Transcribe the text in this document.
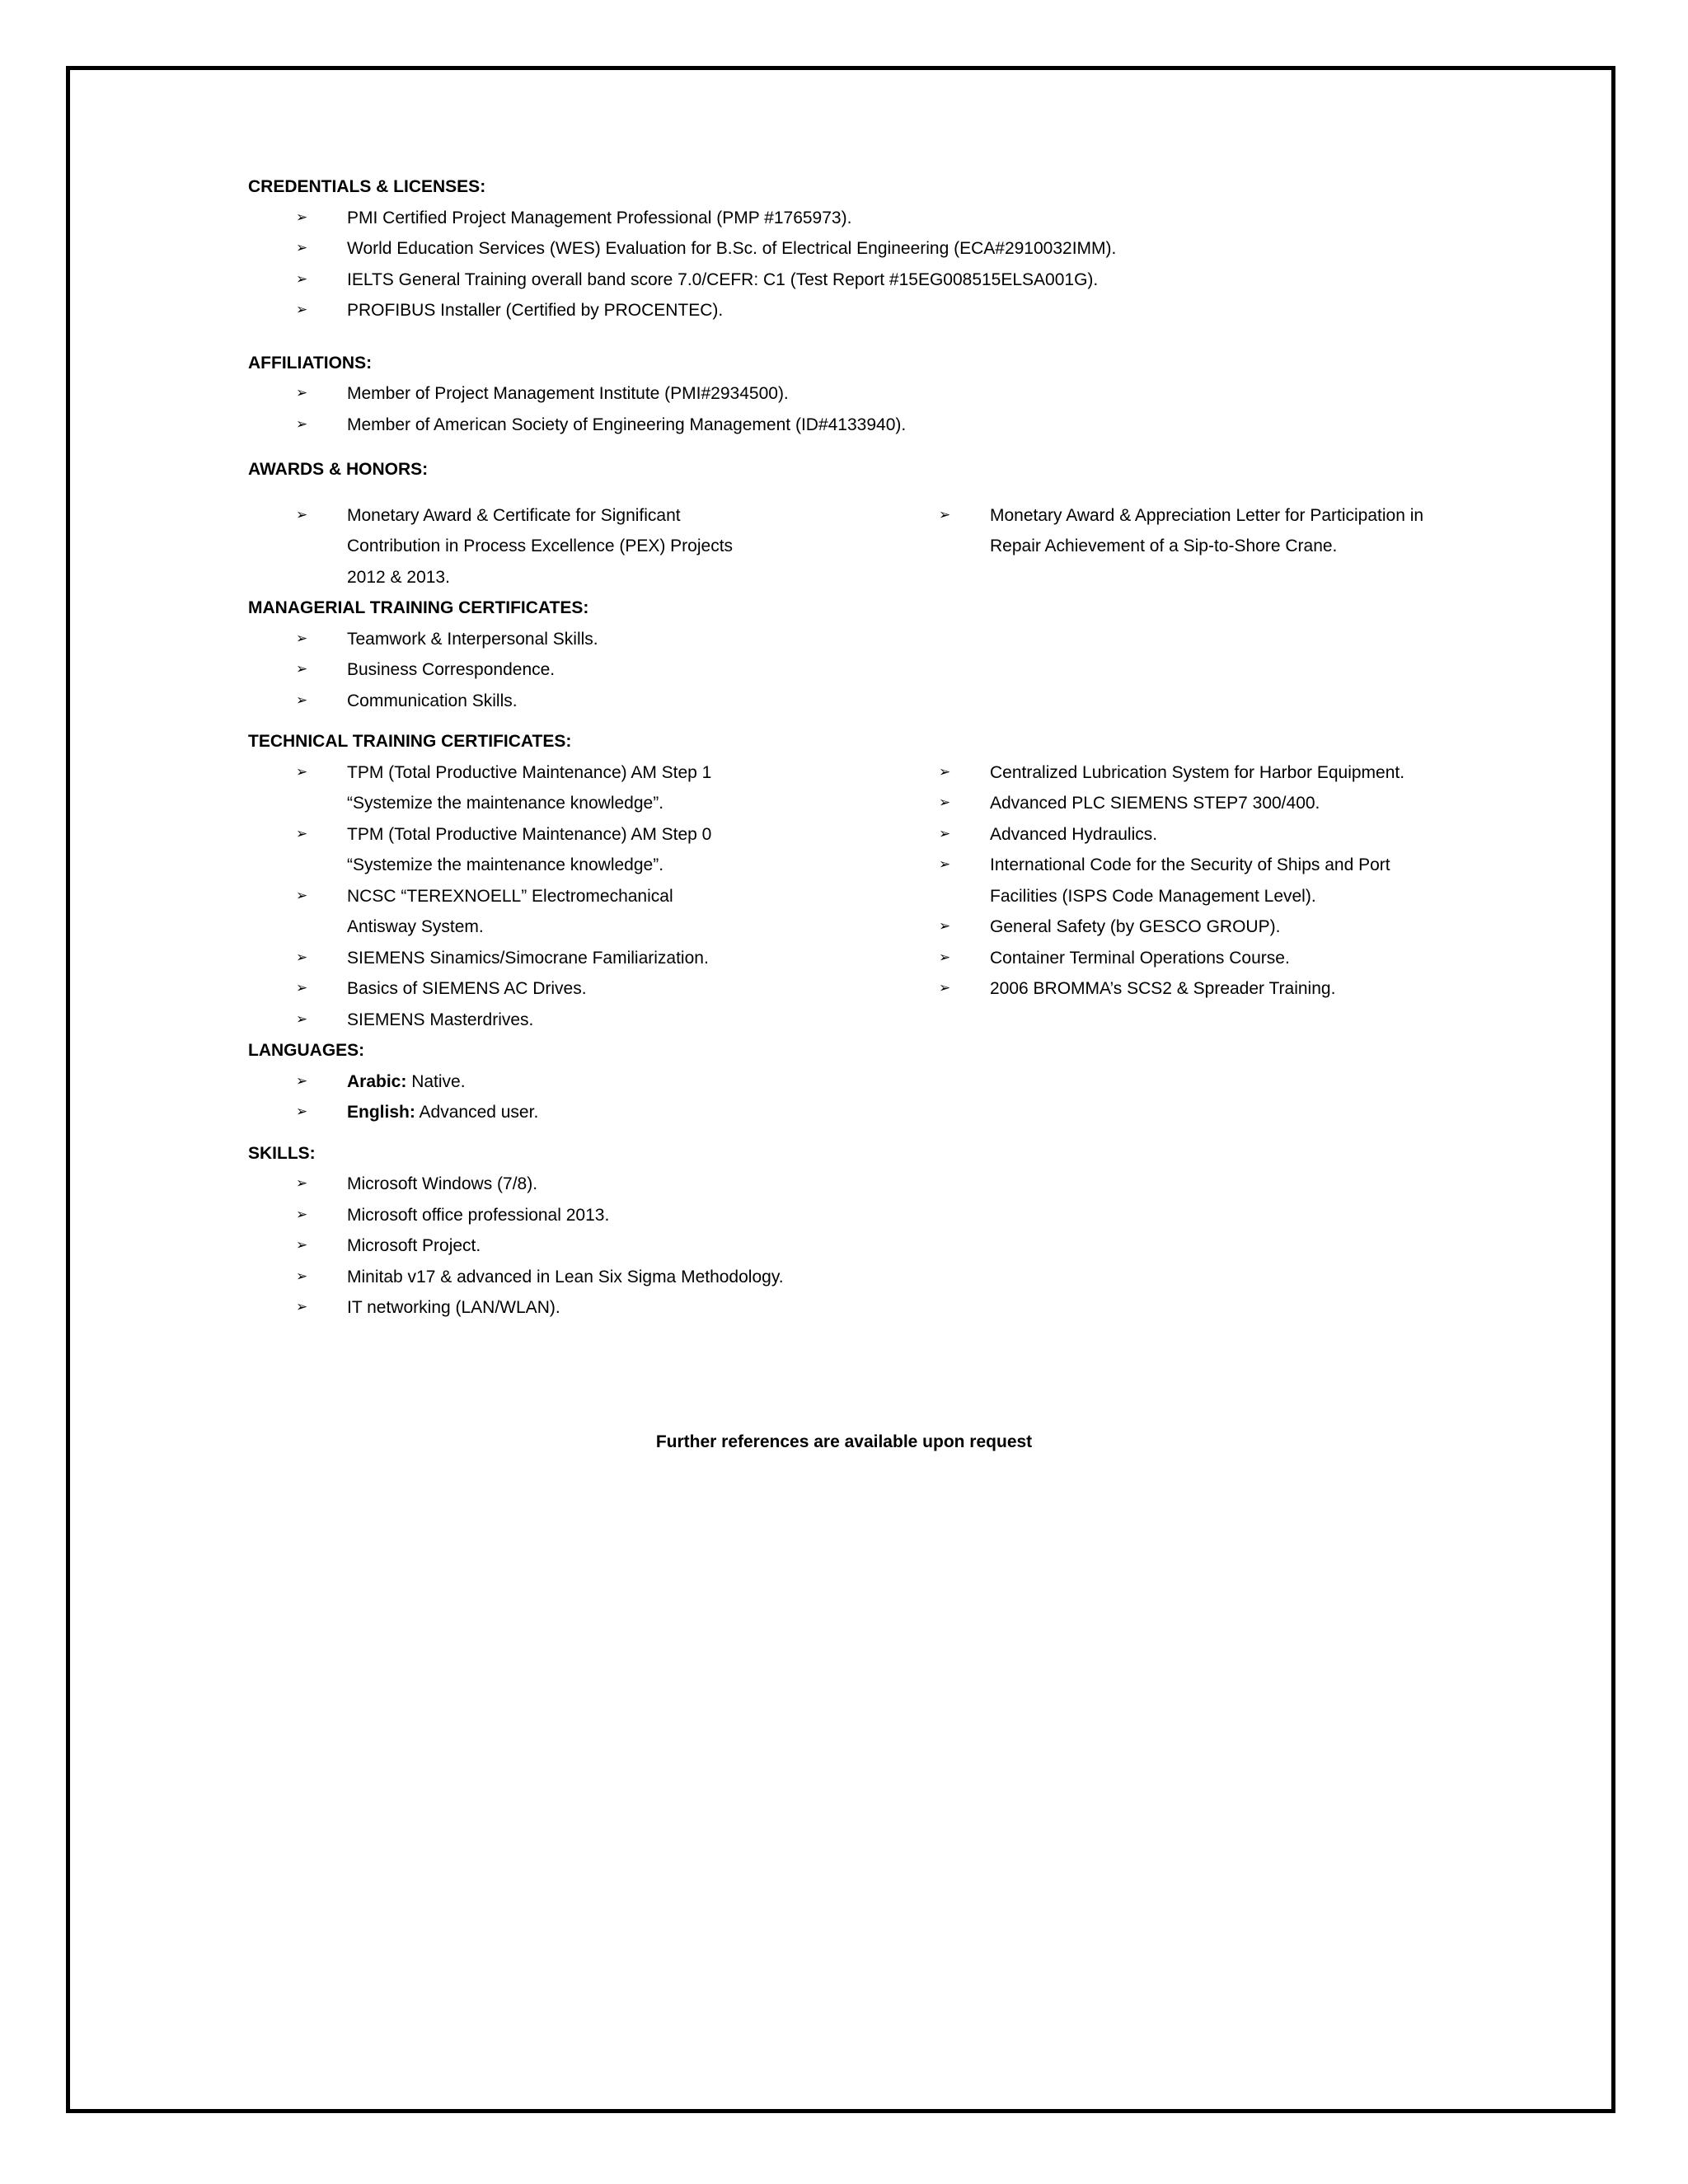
CREDENTIALS & LICENSES:

➢ PMI Certified Project Management Professional (PMP #1765973).
➢ World Education Services (WES) Evaluation for B.Sc. of Electrical Engineering (ECA#2910032IMM).
➢ IELTS General Training overall band score 7.0/CEFR: C1 (Test Report #15EG008515ELSA001G).
➢ PROFIBUS Installer (Certified by PROCENTEC).

AFFILIATIONS:

➢ Member of Project Management Institute (PMI#2934500).
➢ Member of American Society of Engineering Management (ID#4133940).

AWARDS & HONORS:

➢ Monetary Award & Certificate for Significant Contribution in Process Excellence (PEX) Projects 2012 & 2013.
➢ Monetary Award & Appreciation Letter for Participation in Repair Achievement of a Sip-to-Shore Crane.

MANAGERIAL TRAINING CERTIFICATES:

➢ Teamwork & Interpersonal Skills.
➢ Business Correspondence.
➢ Communication Skills.

TECHNICAL TRAINING CERTIFICATES:

➢ TPM (Total Productive Maintenance) AM Step 1 “Systemize the maintenance knowledge”.
➢ TPM (Total Productive Maintenance) AM Step 0 “Systemize the maintenance knowledge”.
➢ NCSC “TEREXNOELL” Electromechanical Antisway System.
➢ SIEMENS Sinamics/Simocrane Familiarization.
➢ Basics of SIEMENS AC Drives.
➢ SIEMENS Masterdrives.
➢ Centralized Lubrication System for Harbor Equipment.
➢ Advanced PLC SIEMENS STEP7 300/400.
➢ Advanced Hydraulics.
➢ International Code for the Security of Ships and Port Facilities (ISPS Code Management Level).
➢ General Safety (by GESCO GROUP).
➢ Container Terminal Operations Course.
➢ 2006 BROMMA’s SCS2 & Spreader Training.

LANGUAGES:

➢ Arabic: Native.
➢ English: Advanced user.

SKILLS:

➢ Microsoft Windows (7/8).
➢ Microsoft office professional 2013.
➢ Microsoft Project.
➢ Minitab v17 & advanced in Lean Six Sigma Methodology.
➢ IT networking (LAN/WLAN).

Further references are available upon request
